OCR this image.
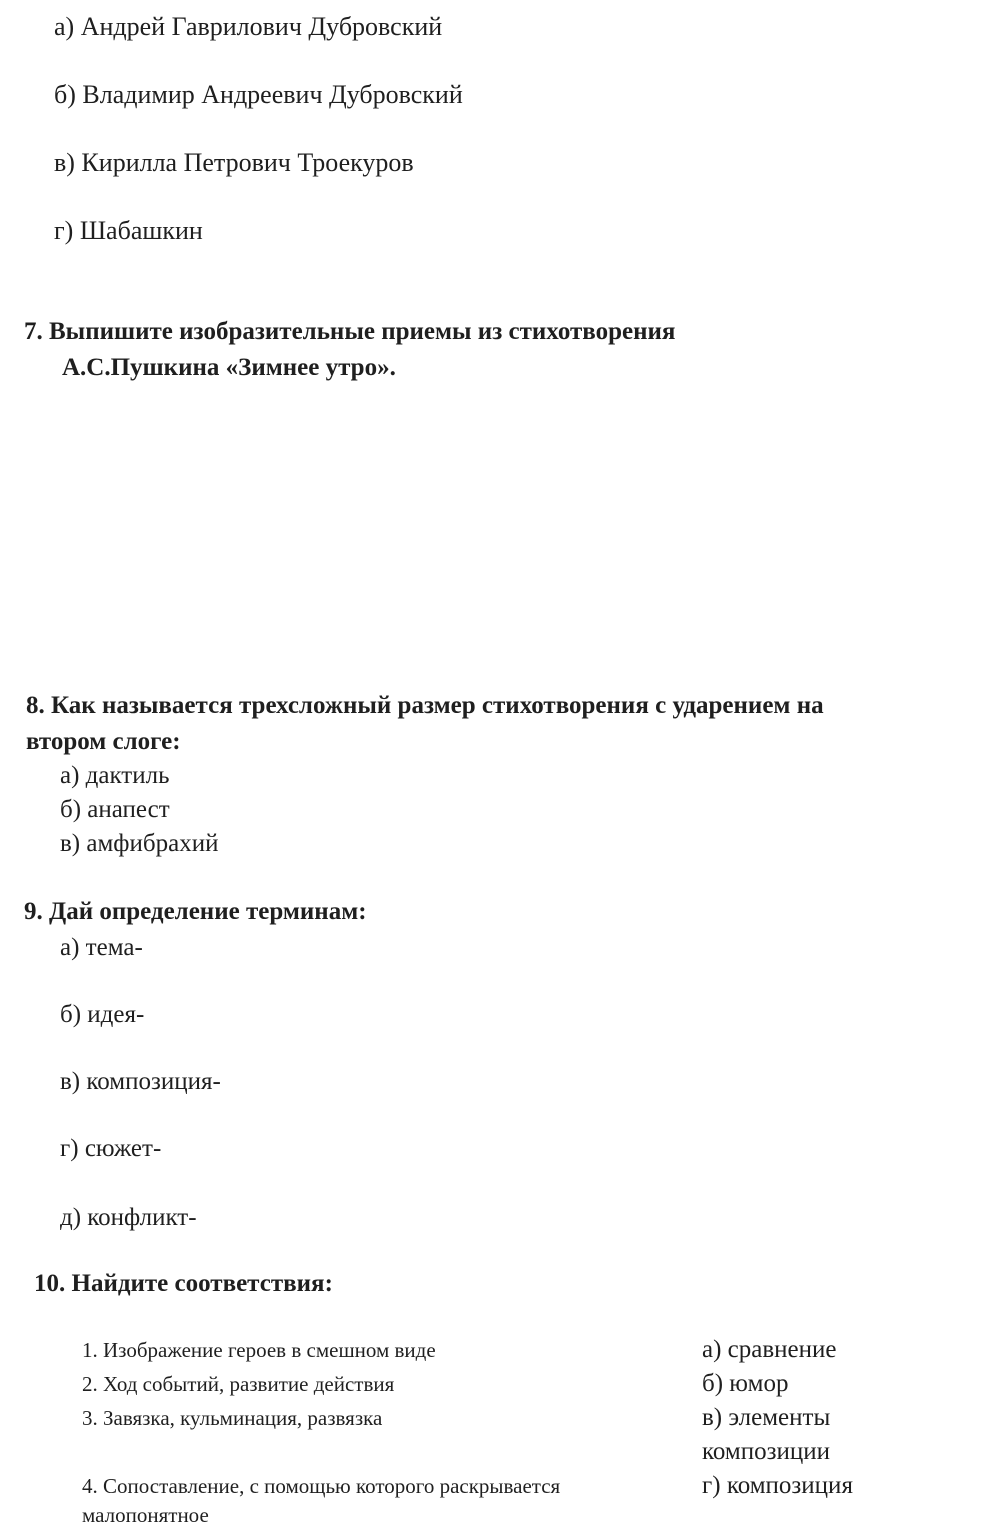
а) Андрей Гаврилович Дубровский
б) Владимир Андреевич Дубровский
в) Кирилла Петрович Троекуров
г) Шабашкин
7. Выпишите изобразительные приемы из стихотворения
А.С.Пушкина «Зимнее утро».
8. Как называется трехсложный размер стихотворения с ударением на
втором слоге:
а) дактиль
б) анапест
в) амфибрахий
9. Дай определение терминам:
а) тема-
б) идея-
в) композиция-
г) сюжет-
д) конфликт-
10. Найдите соответствия:
1. Изображение героев в смешном виде
2. Ход событий, развитие действия
3. Завязка, кульминация, развязка
4. Сопоставление, с помощью которого раскрывается
малопонятное
а) сравнение
б) юмор
в) элементы
композиции
г) композиция
